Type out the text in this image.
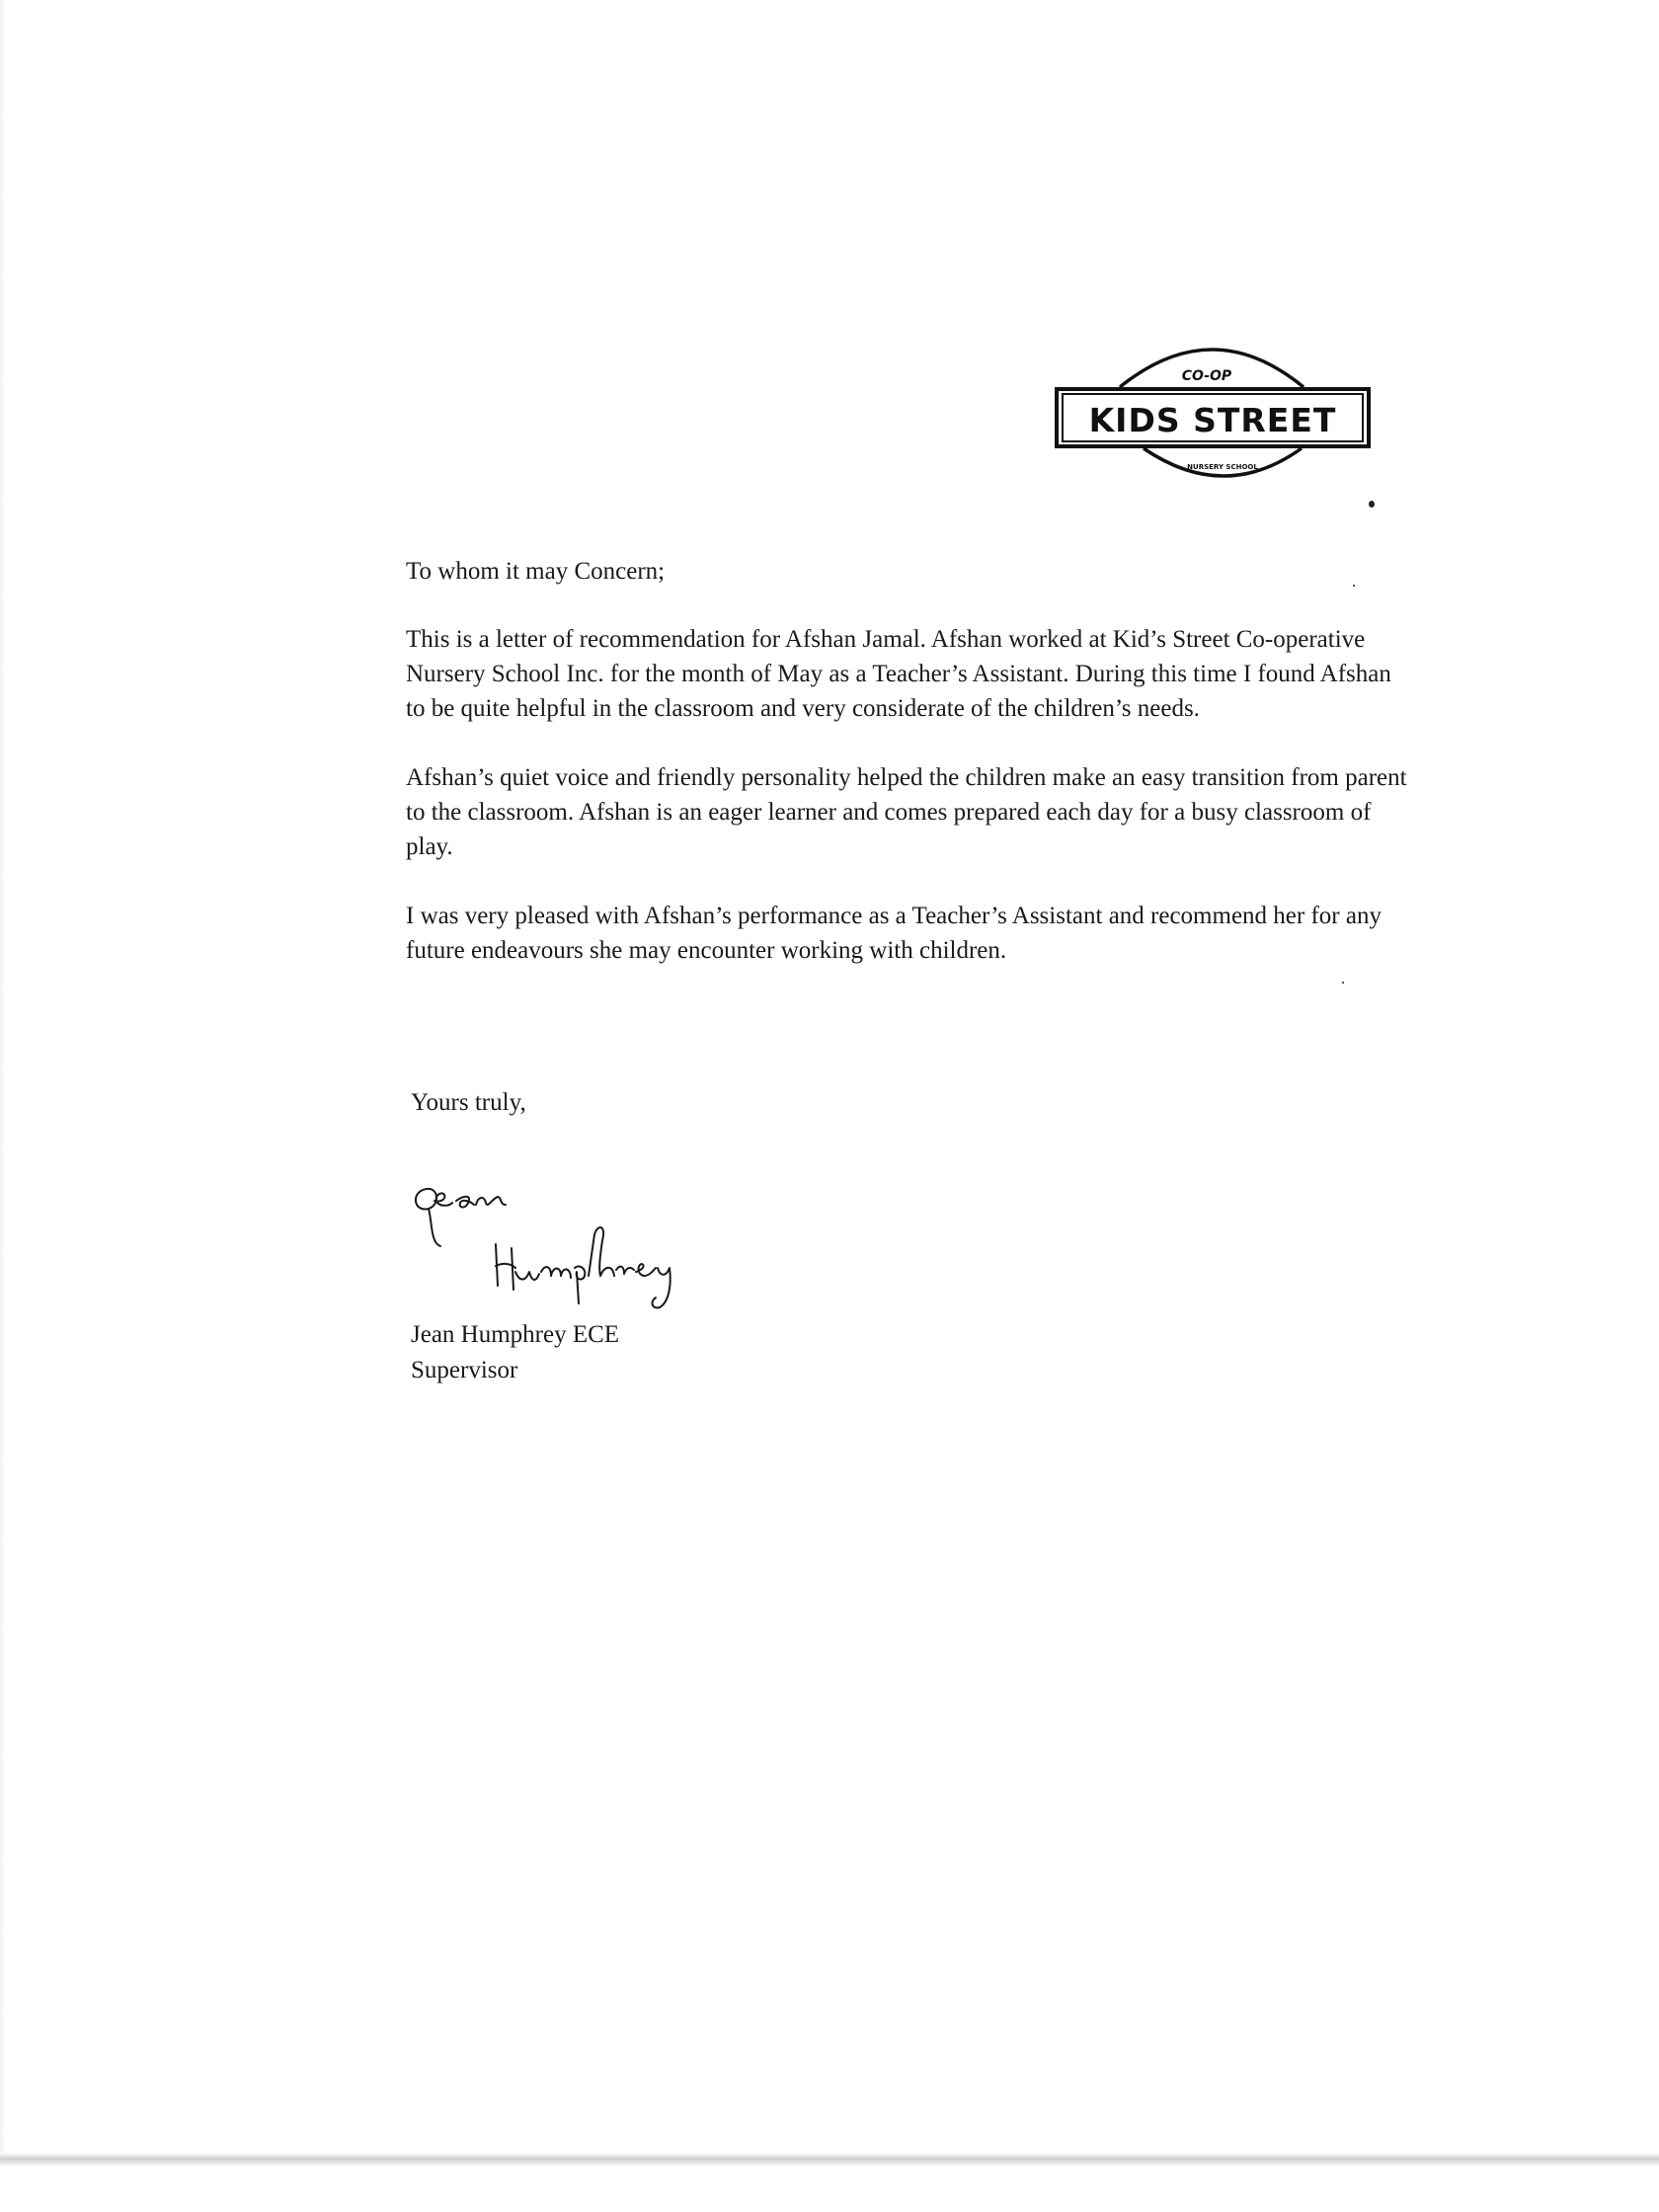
CO-OP
KIDS STREET
NURSERY SCHOOL

To whom it may Concern;

This is a letter of recommendation for Afshan Jamal. Afshan worked at Kid’s Street Co-operative Nursery School Inc. for the month of May as a Teacher’s Assistant. During this time I found Afshan to be quite helpful in the classroom and very considerate of the children’s needs.

Afshan’s quiet voice and friendly personality helped the children make an easy transition from parent to the classroom. Afshan is an eager learner and comes prepared each day for a busy classroom of play.

I was very pleased with Afshan’s performance as a Teacher’s Assistant and recommend her for any future endeavours she may encounter working with children.

Yours truly,
Jean Humphrey ECE
Supervisor
